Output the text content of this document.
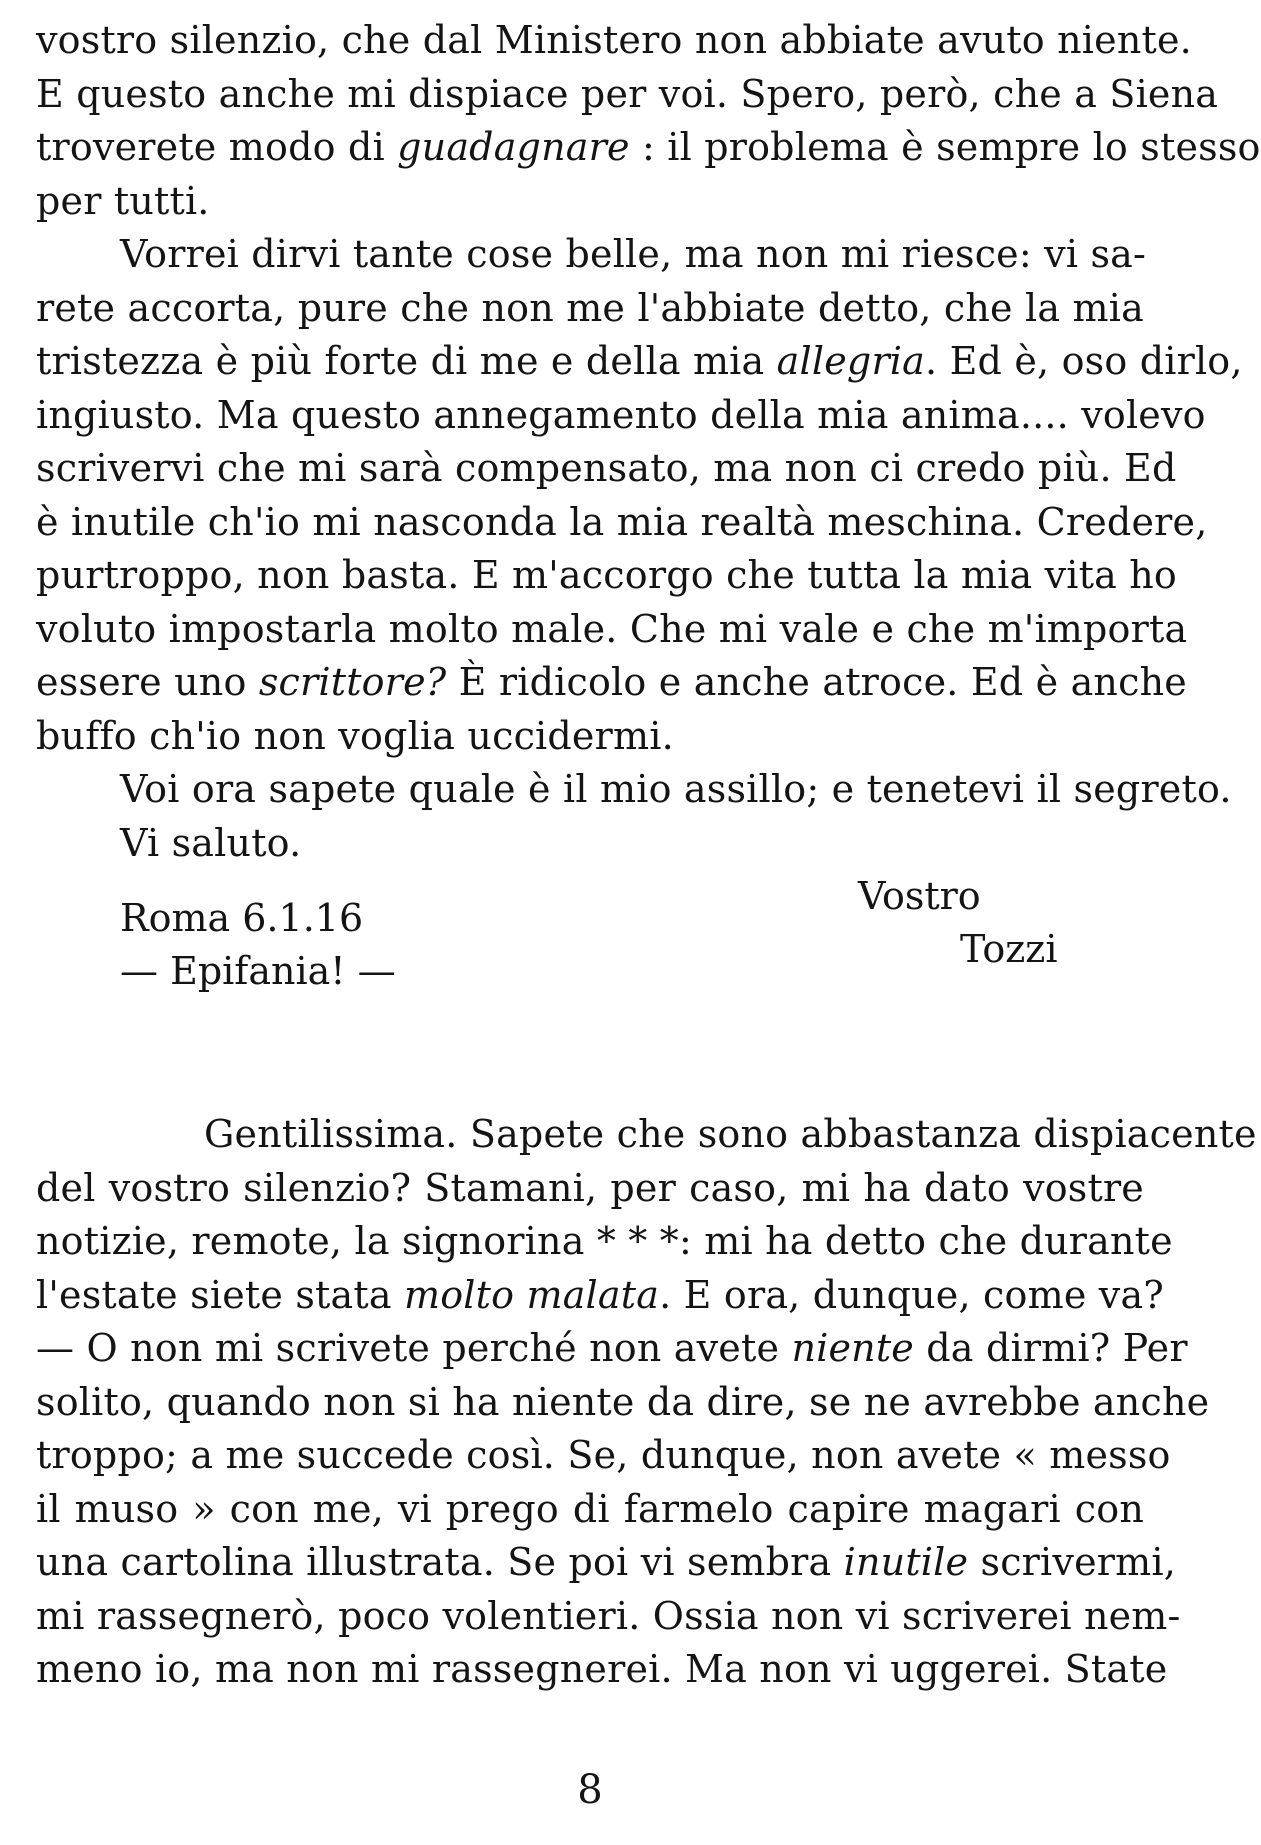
vostro silenzio, che dal Ministero non abbiate avuto niente.
E questo anche mi dispiace per voi. Spero, però, che a Siena
troverete modo di guadagnare : il problema è sempre lo stesso
per tutti.
Vorrei dirvi tante cose belle, ma non mi riesce: vi sa-
rete accorta, pure che non me l'abbiate detto, che la mia
tristezza è più forte di me e della mia allegria. Ed è, oso dirlo,
ingiusto. Ma questo annegamento della mia anima.... volevo
scrivervi che mi sarà compensato, ma non ci credo più. Ed
è inutile ch'io mi nasconda la mia realtà meschina. Credere,
purtroppo, non basta. E m'accorgo che tutta la mia vita ho
voluto impostarla molto male. Che mi vale e che m'importa
essere uno scrittore? È ridicolo e anche atroce. Ed è anche
buffo ch'io non voglia uccidermi.
Voi ora sapete quale è il mio assillo; e tenetevi il segreto.
Vi saluto.
Roma 6.1.16
— Epifania! —
Vostro
Tozzi
Gentilissima. Sapete che sono abbastanza dispiacente
del vostro silenzio? Stamani, per caso, mi ha dato vostre
notizie, remote, la signorina * * *: mi ha detto che durante
l'estate siete stata molto malata. E ora, dunque, come va?
— O non mi scrivete perché non avete niente da dirmi? Per
solito, quando non si ha niente da dire, se ne avrebbe anche
troppo; a me succede così. Se, dunque, non avete « messo
il muso » con me, vi prego di farmelo capire magari con
una cartolina illustrata. Se poi vi sembra inutile scrivermi,
mi rassegnerò, poco volentieri. Ossia non vi scriverei nem-
meno io, ma non mi rassegnerei. Ma non vi uggerei. State
8
